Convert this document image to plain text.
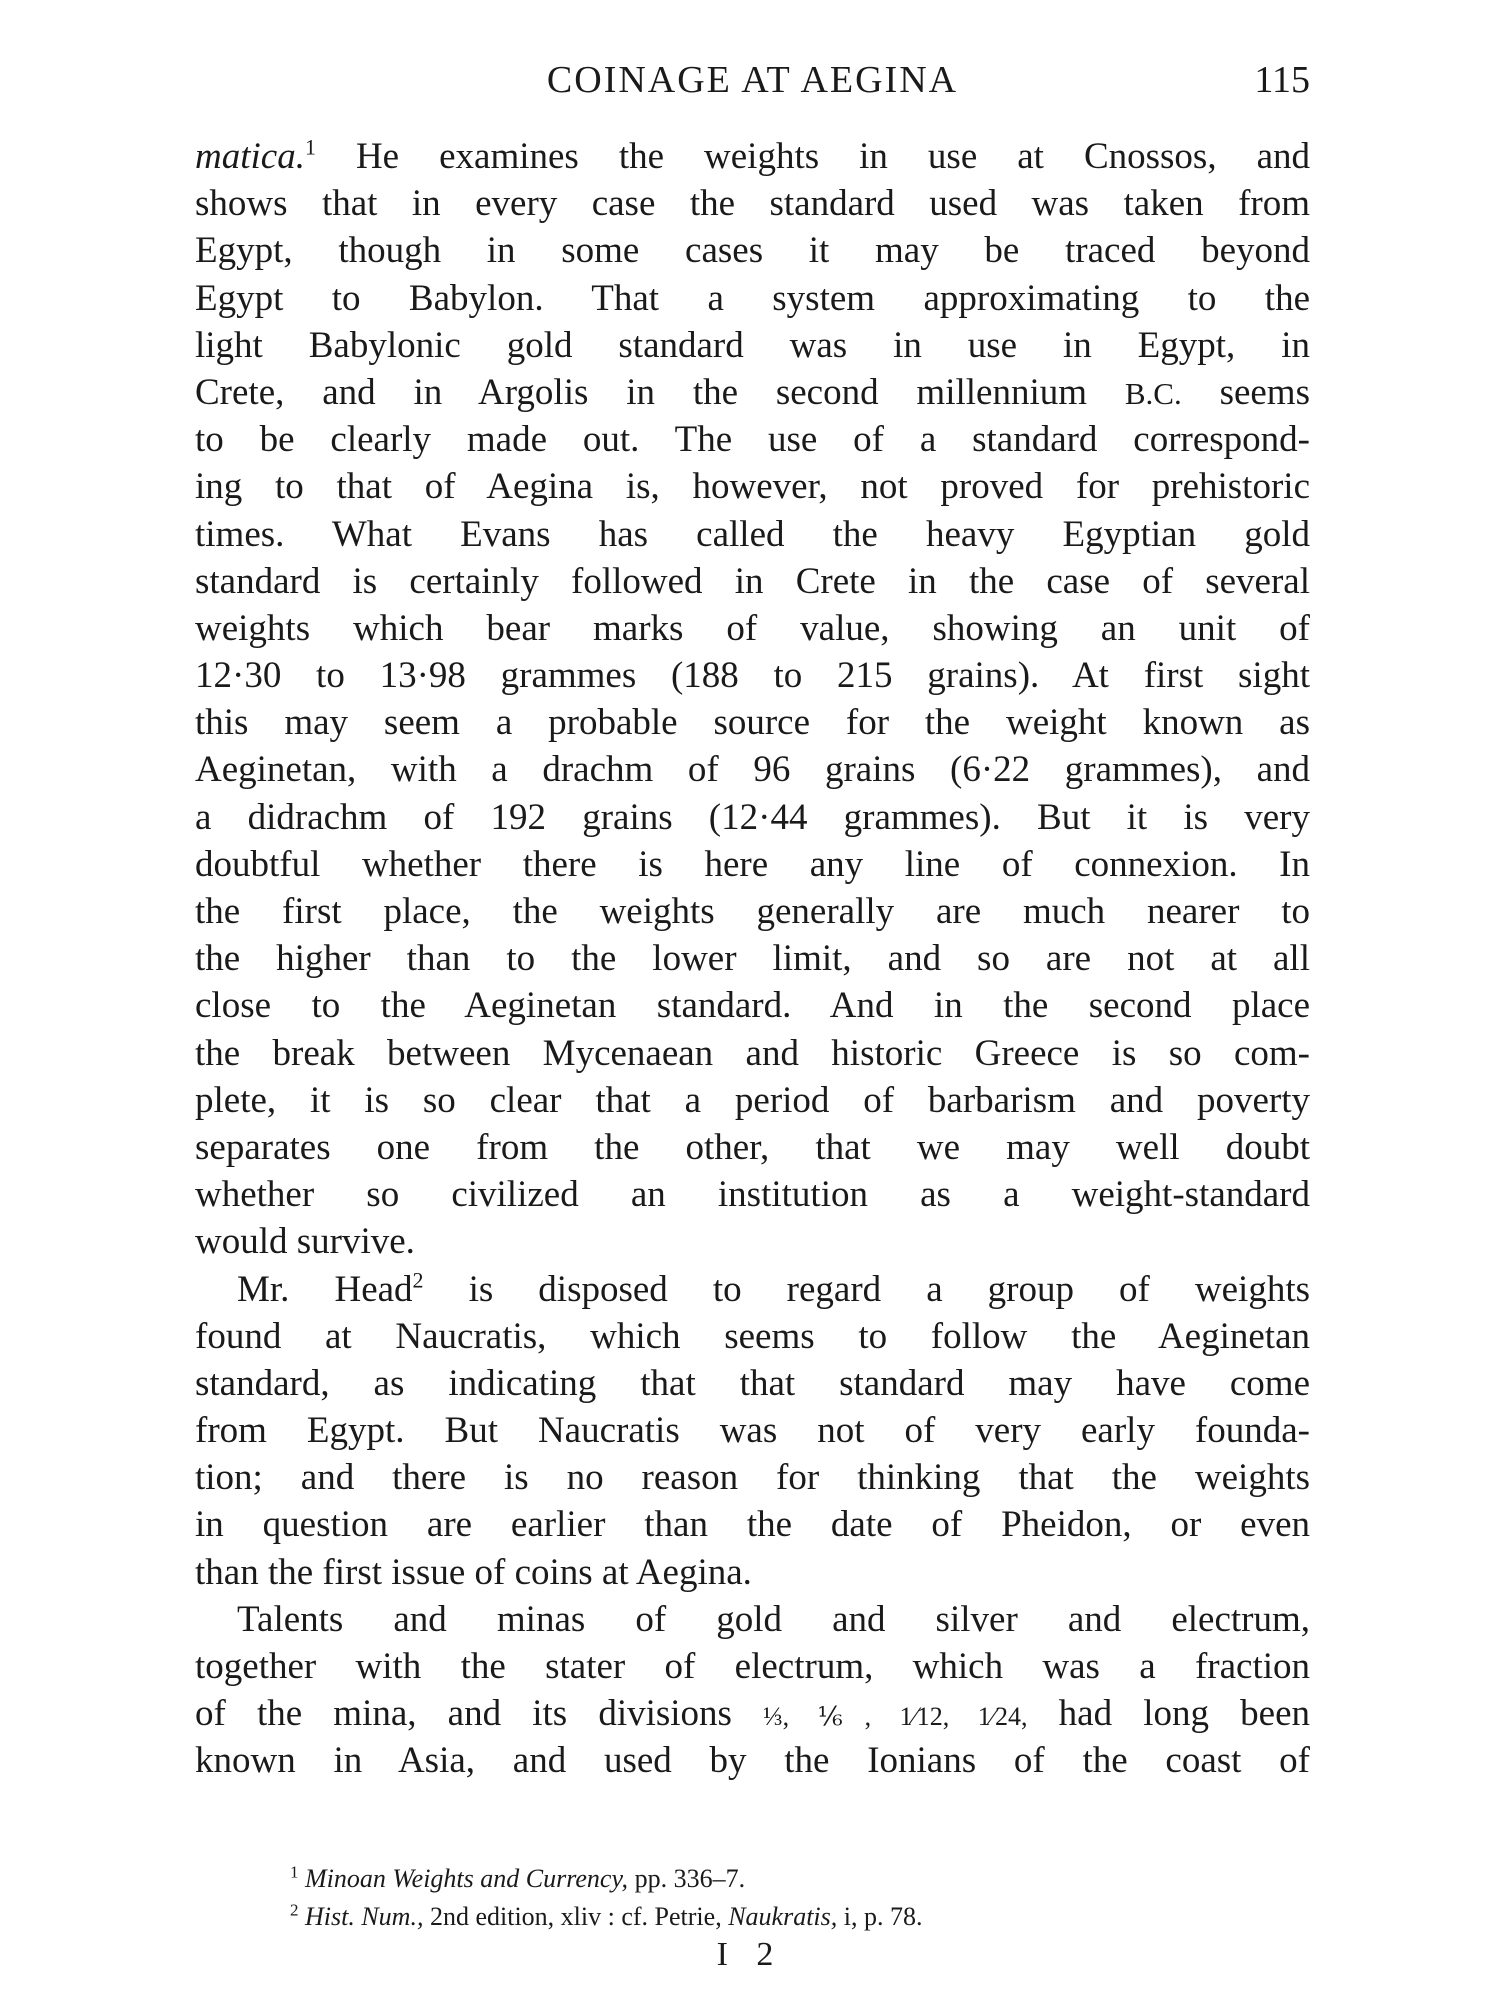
COINAGE AT AEGINA	115
matica.$^1$ He examines the weights in use at Cnossos, and
shows that in every case the standard used was taken from
Egypt, though in some cases it may be traced beyond
Egypt to Babylon. That a system approximating to the
light Babylonic gold standard was in use in Egypt, in
Crete, and in Argolis in the second millennium B.C. seems
to be clearly made out. The use of a standard correspond-
ing to that of Aegina is, however, not proved for prehistoric
times. What Evans has called the heavy Egyptian gold
standard is certainly followed in Crete in the case of several
weights which bear marks of value, showing an unit of
12·30 to 13·98 grammes (188 to 215 grains). At first sight
this may seem a probable source for the weight known as
Aeginetan, with a drachm of 96 grains (6·22 grammes), and
a didrachm of 192 grains (12·44 grammes). But it is very
doubtful whether there is here any line of connexion. In
the first place, the weights generally are much nearer to
the higher than to the lower limit, and so are not at all
close to the Aeginetan standard. And in the second place
the break between Mycenaean and historic Greece is so com-
plete, it is so clear that a period of barbarism and poverty
separates one from the other, that we may well doubt
whether so civilized an institution as a weight-standard
would survive.
Mr. Head$^2$ is disposed to regard a group of weights
found at Naucratis, which seems to follow the Aeginetan
standard, as indicating that that standard may have come
from Egypt. But Naucratis was not of very early founda-
tion; and there is no reason for thinking that the weights
in question are earlier than the date of Pheidon, or even
than the first issue of coins at Aegina.
Talents and minas of gold and silver and electrum,
together with the stater of electrum, which was a fraction
of the mina, and its divisions ⅓, ⅙, 1⁄12, 1⁄24, had long been
known in Asia, and used by the Ionians of the coast of
$^1$ Minoan Weights and Currency, pp. 336–7.
$^2$ Hist. Num., 2nd edition, xliv : cf. Petrie, Naukratis, i, p. 78.
I 2
